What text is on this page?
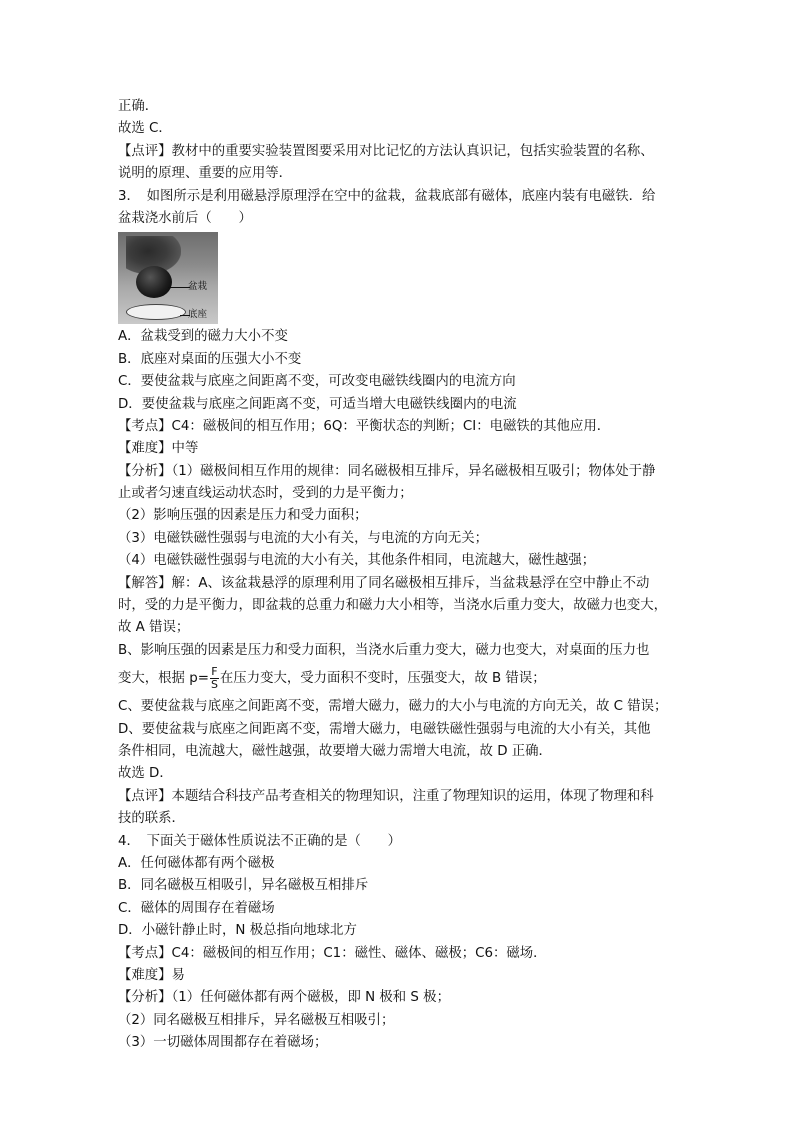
正确．
故选 C．
【点评】教材中的重要实验装置图要采用对比记忆的方法认真识记，包括实验装置的名称、
说明的原理、重要的应用等．
3．　如图所示是利用磁悬浮原理浮在空中的盆栽，盆栽底部有磁体，底座内装有电磁铁．给
盆栽浇水前后（　　）
盆栽
底座
A．盆栽受到的磁力大小不变
B．底座对桌面的压强大小不变
C．要使盆栽与底座之间距离不变，可改变电磁铁线圈内的电流方向
D．要使盆栽与底座之间距离不变，可适当增大电磁铁线圈内的电流
【考点】C4：磁极间的相互作用；6Q：平衡状态的判断；CI：电磁铁的其他应用．
【难度】中等
【分析】（1）磁极间相互作用的规律：同名磁极相互排斥，异名磁极相互吸引；物体处于静
止或者匀速直线运动状态时，受到的力是平衡力；
（2）影响压强的因素是压力和受力面积；
（3）电磁铁磁性强弱与电流的大小有关，与电流的方向无关；
（4）电磁铁磁性强弱与电流的大小有关，其他条件相同，电流越大，磁性越强；
【解答】解：A、该盆栽悬浮的原理利用了同名磁极相互排斥，当盆栽悬浮在空中静止不动
时，受的力是平衡力，即盆栽的总重力和磁力大小相等，当浇水后重力变大，故磁力也变大，
故 A 错误；
B、影响压强的因素是压力和受力面积，当浇水后重力变大，磁力也变大，对桌面的压力也
变大，根据 $p= \frac{F}{S}$ 在压力变大，受力面积不变时，压强变大，故 B 错误；
C、要使盆栽与底座之间距离不变，需增大磁力，磁力的大小与电流的方向无关，故 C 错误；
D、要使盆栽与底座之间距离不变，需增大磁力，电磁铁磁性强弱与电流的大小有关，其他
条件相同，电流越大，磁性越强，故要增大磁力需增大电流，故 D 正确．
故选 D．
【点评】本题结合科技产品考查相关的物理知识，注重了物理知识的运用，体现了物理和科
技的联系．
4．　下面关于磁体性质说法不正确的是（　　）
A．任何磁体都有两个磁极
B．同名磁极互相吸引，异名磁极互相排斥
C．磁体的周围存在着磁场
D．小磁针静止时，N 极总指向地球北方
【考点】C4：磁极间的相互作用；C1：磁性、磁体、磁极；C6：磁场．
【难度】易
【分析】（1）任何磁体都有两个磁极，即 N 极和 S 极；
（2）同名磁极互相排斥，异名磁极互相吸引；
（3）一切磁体周围都存在着磁场；
